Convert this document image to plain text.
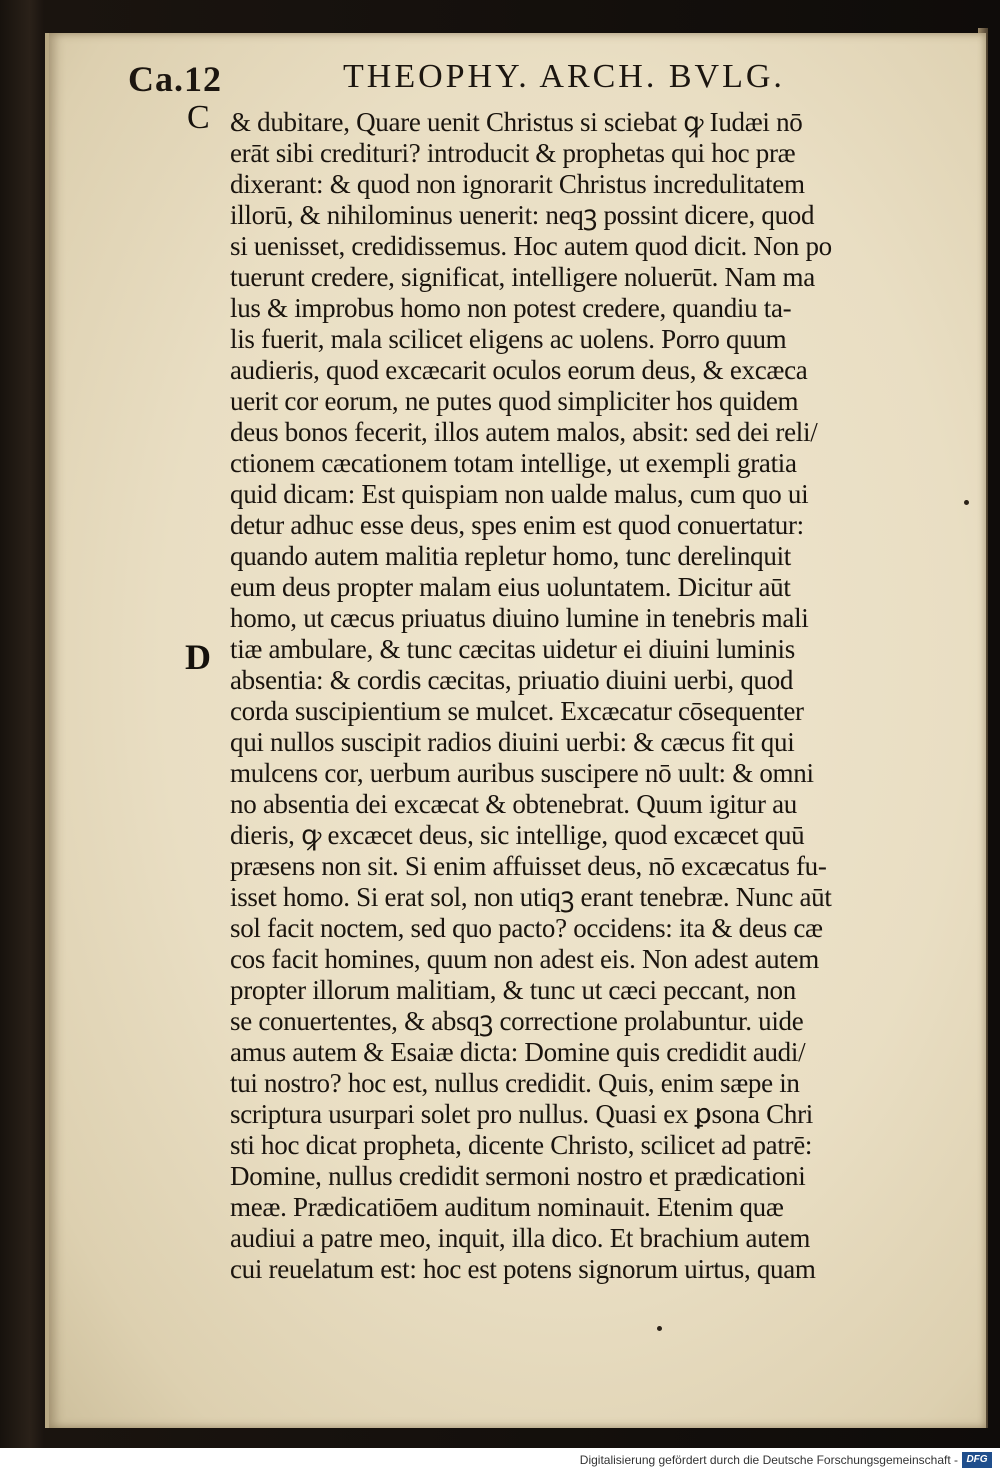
Ca.12	THEOPHY. ARCH. BVLG.
C
D
& dubitare, Quare uenit Christus si sciebat ꝙ Iudæi nō
erāt sibi credituri? introducit & prophetas qui hoc præ
dixerant: & quod non ignorarit Christus incredulitatem
illorū, & nihilominus uenerit: neqꝫ possint dicere, quod
si uenisset, credidissemus. Hoc autem quod dicit. Non po
tuerunt credere, significat, intelligere noluerūt. Nam ma
lus & improbus homo non potest credere, quandiu ta-
lis fuerit, mala scilicet eligens ac uolens. Porro quum
audieris, quod excæcarit oculos eorum deus, & excæca
uerit cor eorum, ne putes quod simpliciter hos quidem
deus bonos fecerit, illos autem malos, absit: sed dei reli/
ctionem cæcationem totam intellige, ut exempli gratia
quid dicam: Est quispiam non ualde malus, cum quo ui
detur adhuc esse deus, spes enim est quod conuertatur:
quando autem malitia repletur homo, tunc derelinquit
eum deus propter malam eius uoluntatem. Dicitur aūt
homo, ut cæcus priuatus diuino lumine in tenebris mali
tiæ ambulare, & tunc cæcitas uidetur ei diuini luminis
absentia: & cordis cæcitas, priuatio diuini uerbi, quod
corda suscipientium se mulcet. Excæcatur cōsequenter
qui nullos suscipit radios diuini uerbi: & cæcus fit qui
mulcens cor, uerbum auribus suscipere nō uult: & omni
no absentia dei excæcat & obtenebrat. Quum igitur au
dieris, ꝙ excæcet deus, sic intellige, quod excæcet quū
præsens non sit. Si enim affuisset deus, nō excæcatus fu-
isset homo. Si erat sol, non utiqꝫ erant tenebræ. Nunc aūt
sol facit noctem, sed quo pacto? occidens: ita & deus cæ
cos facit homines, quum non adest eis. Non adest autem
propter illorum malitiam, & tunc ut cæci peccant, non
se conuertentes, & absqꝫ correctione prolabuntur. uide
amus autem & Esaiæ dicta: Domine quis credidit audi/
tui nostro? hoc est, nullus credidit. Quis, enim sæpe in
scriptura usurpari solet pro nullus. Quasi ex ꝑsona Chri
sti hoc dicat propheta, dicente Christo, scilicet ad patrē:
Domine, nullus credidit sermoni nostro et prædicationi
meæ. Prædicatiōem auditum nominauit. Etenim quæ
audiui a patre meo, inquit, illa dico. Et brachium autem
cui reuelatum est: hoc est potens signorum uirtus, quam
Digitalisierung gefördert durch die Deutsche Forschungsgemeinschaft - DFG
